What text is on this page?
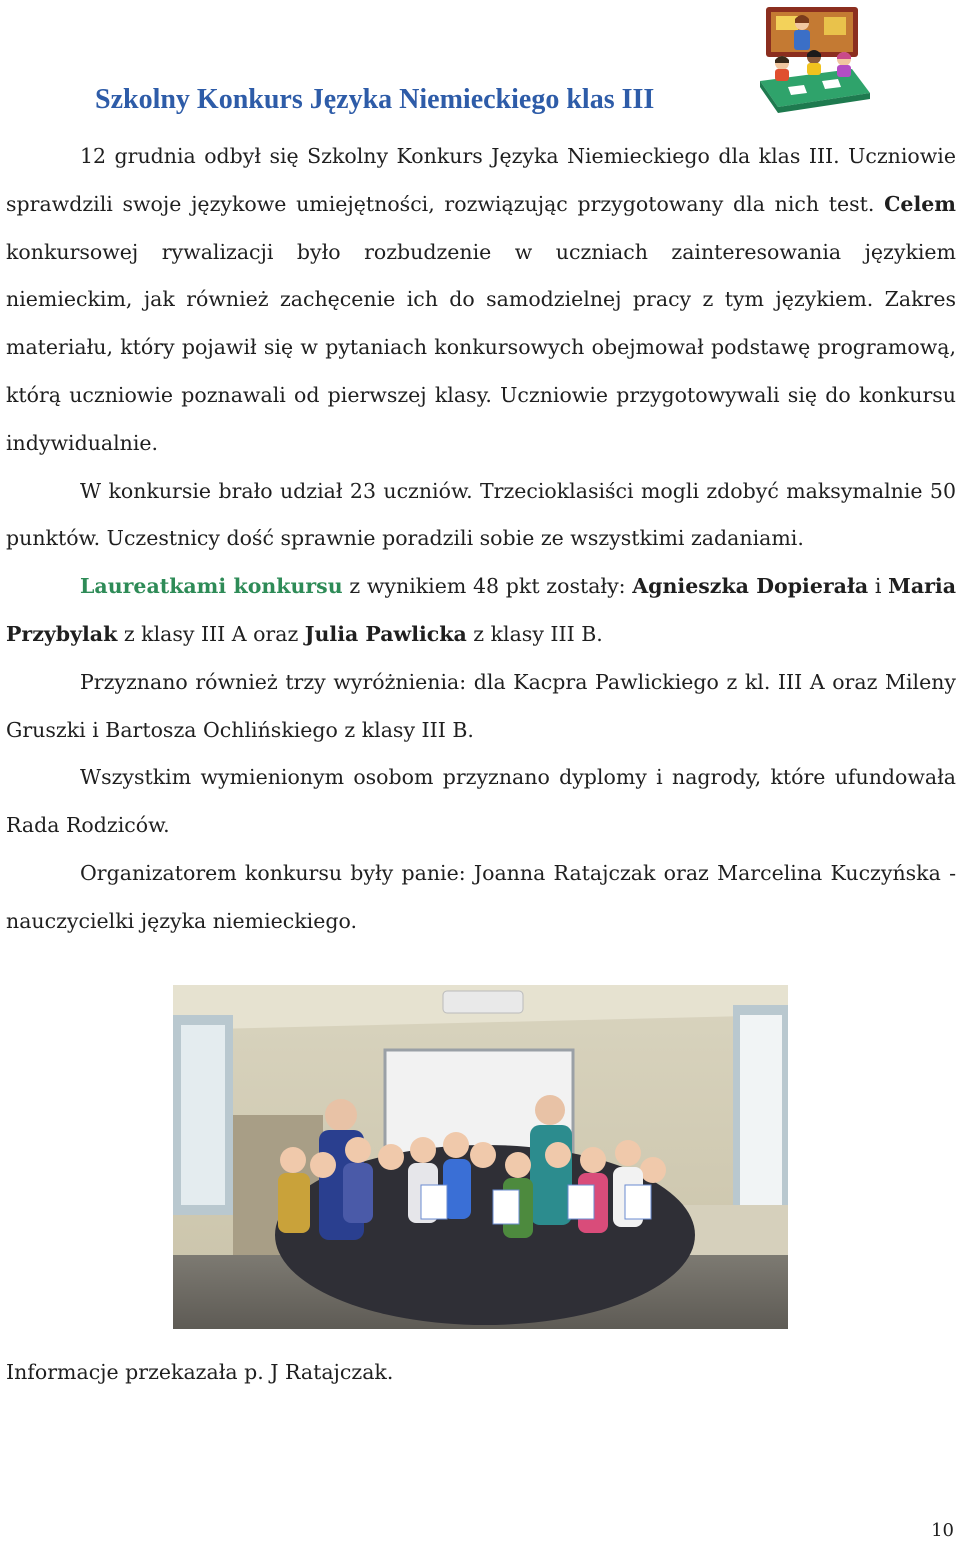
Szkolny Konkurs Języka Niemieckiego klas III

12 grudnia odbył się Szkolny Konkurs Języka Niemieckiego dla klas III. Uczniowie sprawdzili swoje językowe umiejętności, rozwiązując przygotowany dla nich test. Celem konkursowej rywalizacji było rozbudzenie w uczniach zainteresowania językiem niemieckim, jak również zachęcenie ich do samodzielnej pracy z tym językiem. Zakres materiału, który pojawił się w pytaniach konkursowych obejmował podstawę programową, którą uczniowie poznawali od pierwszej klasy. Uczniowie przygotowywali się do konkursu indywidualnie.

W konkursie brało udział 23 uczniów. Trzecioklasiści mogli zdobyć maksymalnie 50 punktów. Uczestnicy dość sprawnie poradzili sobie ze wszystkimi zadaniami.

Laureatkami konkursu z wynikiem 48 pkt zostały: Agnieszka Dopierała i Maria Przybylak z klasy III A oraz Julia Pawlicka z klasy III B.

Przyznano również trzy wyróżnienia: dla Kacpra Pawlickiego z kl. III A oraz Mileny Gruszki i Bartosza Ochlińskiego z klasy III B.

Wszystkim wymienionym osobom przyznano dyplomy i nagrody, które ufundowała Rada Rodziców.

Organizatorem konkursu były panie: Joanna Ratajczak oraz Marcelina Kuczyńska - nauczycielki języka niemieckiego.

Informacje przekazała p. J Ratajczak.
10
